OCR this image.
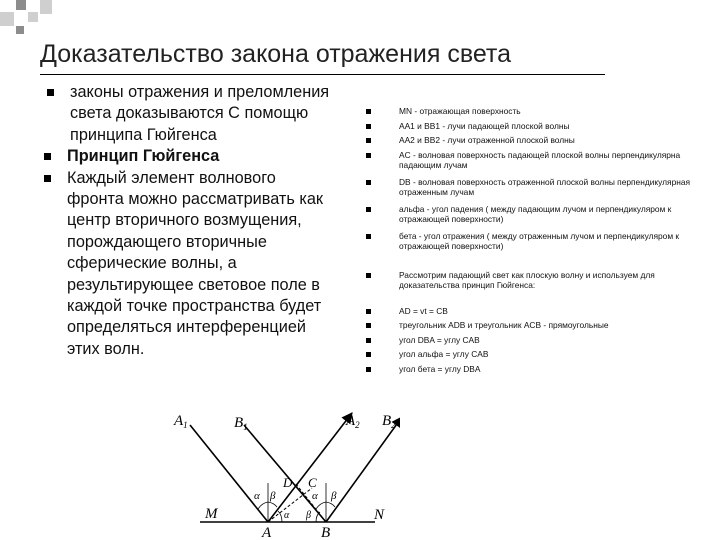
Доказательство закона отражения света
законы отражения и преломления света доказываются С помощю принципа Гюйгенса
Принцип Гюйгенса
Каждый элемент волнового фронта можно рассматривать как центр вторичного возмущения, порождающего вторичные сферические волны, а результирующее световое поле в каждой точке пространства будет определяться интерференцией этих волн.
MN - отражающая поверхность
AA1 и BB1 - лучи падающей плоской волны
AA2 и BB2 - лучи отраженной плоской волны
AC - волновая поверхность падающей плоской волны перпендикулярна падающим лучам
DB - волновая поверхность отраженной плоской волны перпендикулярная отраженным лучам
альфа - угол падения ( между падающим лучом и перпендикуляром к отражающей поверхности)
бета - угол отражения ( между отраженным лучом и перпендикуляром к отражающей поверхности)
Рассмотрим падающий свет как плоскую волну и используем для доказательства принцип Гюйгенса:
AD = vt = CB
треугольник ADB и треугольник ACB - прямоугольные
угол DBA = углу CAB
угол альфа = углу CAB
угол бета = углу DBA
$A_1$	$B_1$	$A_2$ $B_2$
D C
M	N
A	B
α β	α β
α β
